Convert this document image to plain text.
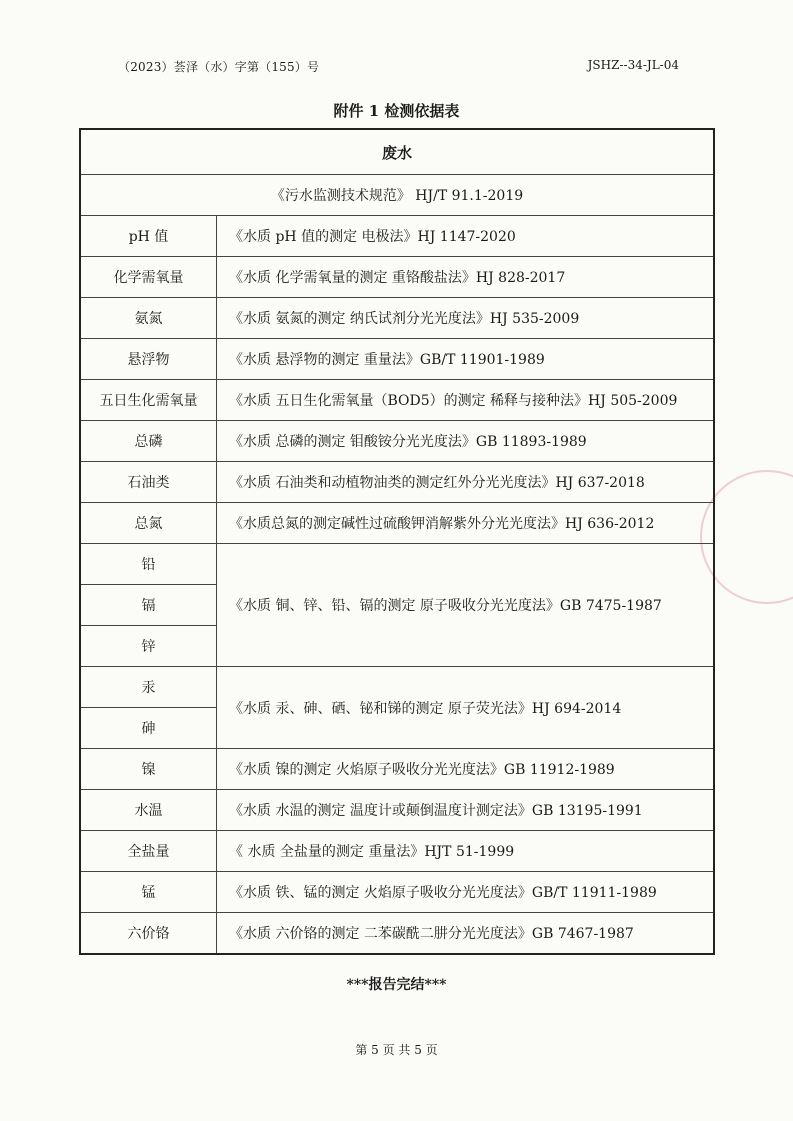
（2023）荟泽（水）字第（155）号	JSHZ--34-JL-04
附件 1 检测依据表
废水	
《污水监测技术规范》 HJ/T 91.1-2019	
pH 值	《水质 pH 值的测定 电极法》HJ 1147-2020
化学需氧量	《水质 化学需氧量的测定 重铬酸盐法》HJ 828-2017
氨氮	《水质 氨氮的测定 纳氏试剂分光光度法》HJ 535-2009
悬浮物	《水质 悬浮物的测定 重量法》GB/T 11901-1989
五日生化需氧量	《水质 五日生化需氧量（BOD5）的测定 稀释与接种法》HJ 505-2009
总磷	《水质 总磷的测定 钼酸铵分光光度法》GB 11893-1989
石油类	《水质 石油类和动植物油类的测定红外分光光度法》HJ 637-2018
总氮	《水质总氮的测定碱性过硫酸钾消解紫外分光光度法》HJ 636-2012
铅	《水质 铜、锌、铅、镉的测定 原子吸收分光光度法》GB 7475-1987
镉	
锌	
汞	《水质 汞、砷、硒、铋和锑的测定 原子荧光法》HJ 694-2014
砷	
镍	《水质 镍的测定 火焰原子吸收分光光度法》GB 11912-1989
水温	《水质 水温的测定 温度计或颠倒温度计测定法》GB 13195-1991
全盐量	《 水质 全盐量的测定 重量法》HJT 51-1999
锰	《水质 铁、锰的测定 火焰原子吸收分光光度法》GB/T 11911-1989
六价铬	《水质 六价铬的测定 二苯碳酰二肼分光光度法》GB 7467-1987
***报告完结***
第 5 页 共 5 页
